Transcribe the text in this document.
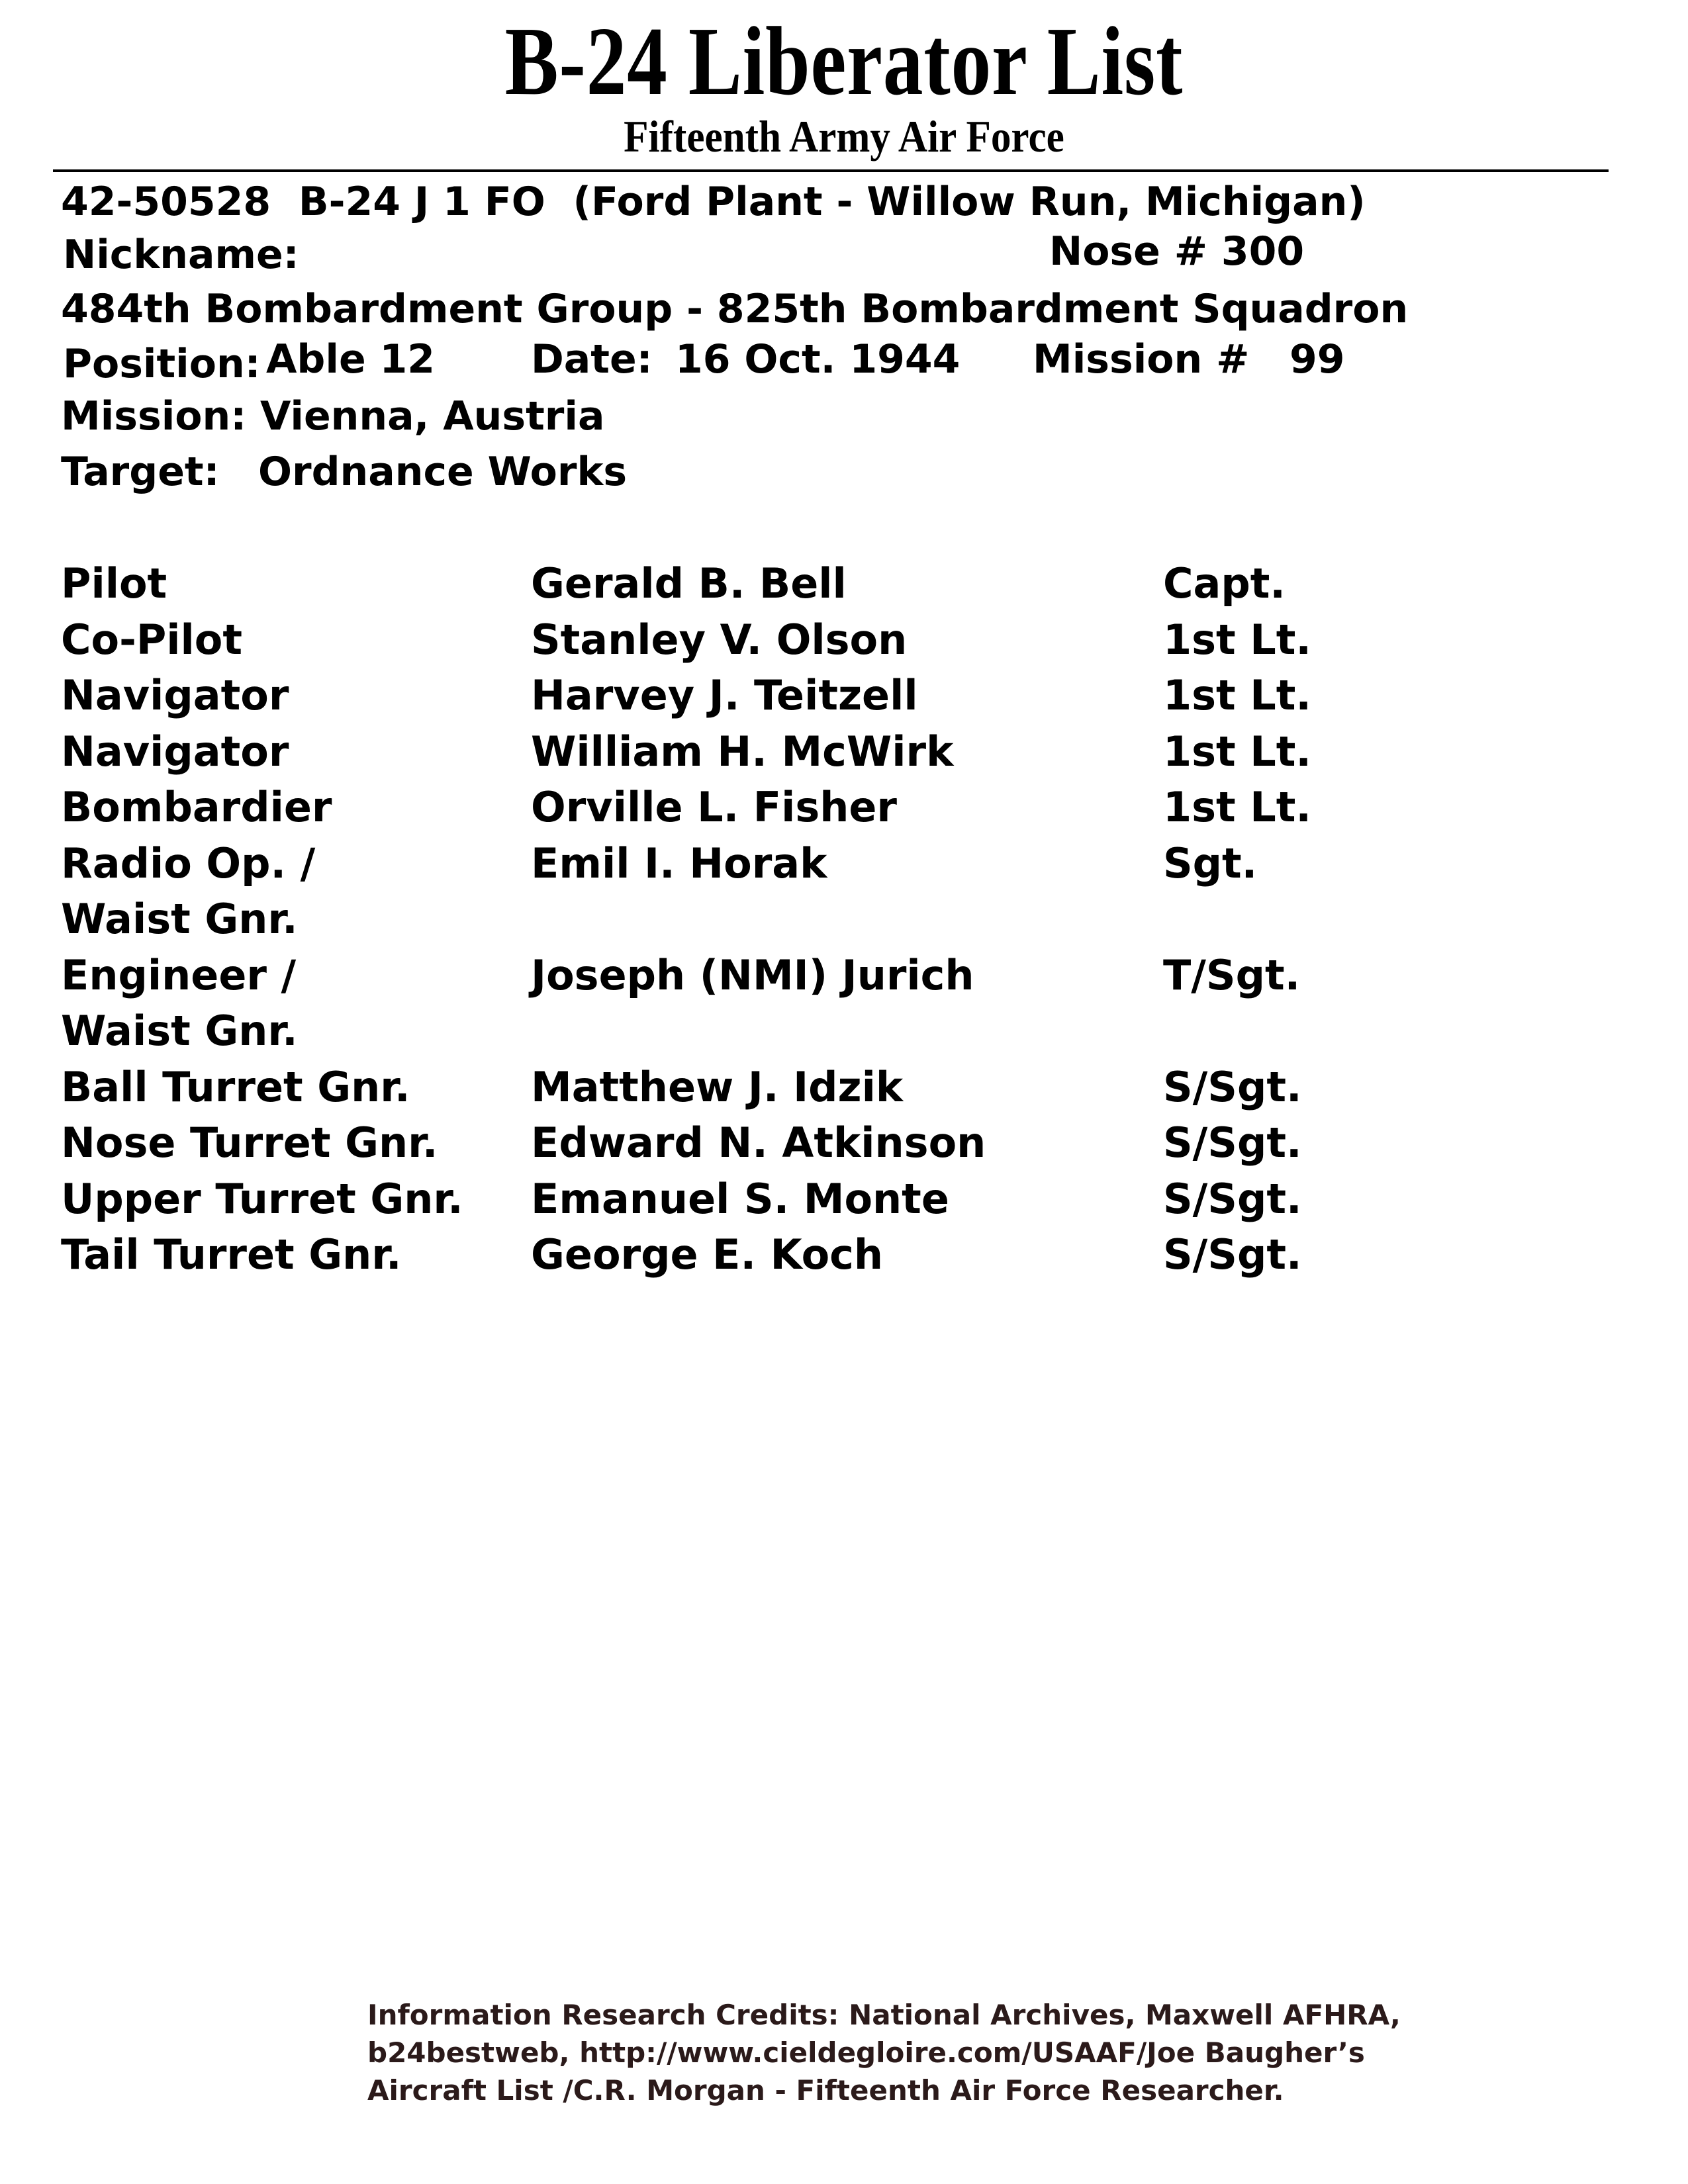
B-24 Liberator List
Fifteenth Army Air Force
42-50528  B-24 J 1 FO  (Ford Plant - Willow Run, Michigan)
Nickname:	Nose # 300
484th Bombardment Group - 825th Bombardment Squadron
Position: Able 12 Date: 16 Oct. 1944 Mission # 99
Mission: Vienna, Austria
Target: Ordnance Works
Pilot	Gerald B. Bell	Capt.
Co-Pilot	Stanley V. Olson	1st Lt.
Navigator	Harvey J. Teitzell	1st Lt.
Navigator	William H. McWirk	1st Lt.
Bombardier	Orville L. Fisher	1st Lt.
Radio Op. /
Waist Gnr.
Emil I. Horak	Sgt.
Engineer /
Waist Gnr.
Joseph (NMI) Jurich	T/Sgt.
Ball Turret Gnr.	Matthew J. Idzik	S/Sgt.
Nose Turret Gnr.	Edward N. Atkinson	S/Sgt.
Upper Turret Gnr.	Emanuel S. Monte	S/Sgt.
Tail Turret Gnr.	George E. Koch	S/Sgt.
Information Research Credits: National Archives, Maxwell AFHRA,
b24bestweb, http://www.cieldegloire.com/USAAF/Joe Baugher’s
Aircraft List /C.R. Morgan - Fifteenth Air Force Researcher.
